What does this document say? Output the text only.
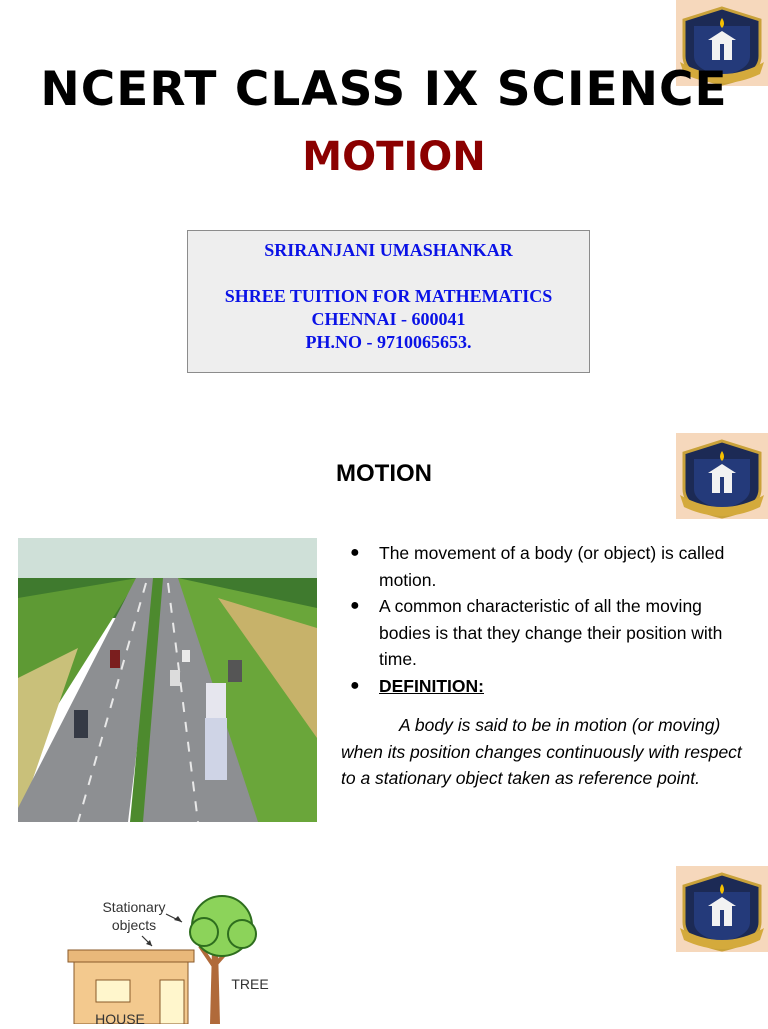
NCERT CLASS IX SCIENCE
MOTION
SRIRANJANI UMASHANKAR
SHREE TUITION FOR MATHEMATICS
CHENNAI - 600041
PH.NO - 9710065653.
MOTION
● The movement of a body (or object) is called motion.
● A common characteristic of all the moving bodies is that they change their position with time.
● DEFINITION:
A body is said to be in motion (or moving) when its position changes continuously with respect to a stationary object taken as reference point.
Stationary
objects
HOUSE
TREE
